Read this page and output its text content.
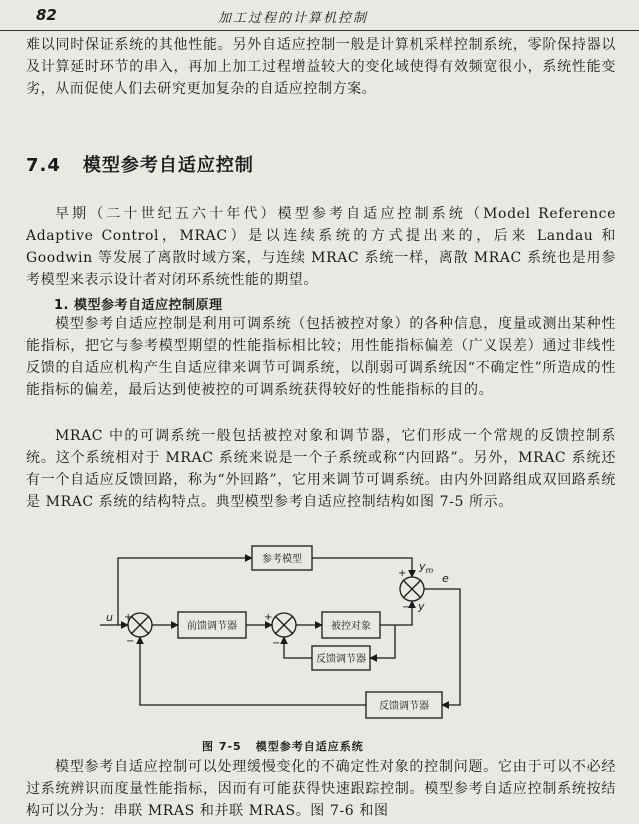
82	加工过程的计算机控制

难以同时保证系统的其他性能。另外自适应控制一般是计算机采样控制系统，零阶保持器以及计算延时环节的串入，再加上加工过程增益较大的变化域使得有效频宽很小，系统性能变劣，从而促使人们去研究更加复杂的自适应控制方案。

7.4 模型参考自适应控制

早期（二十世纪五六十年代）模型参考自适应控制系统（Model Reference Adaptive Control，MRAC）是以连续系统的方式提出来的，后来 Landau 和 Goodwin 等发展了离散时域方案，与连续 MRAC 系统一样，离散 MRAC 系统也是用参考模型来表示设计者对闭环系统性能的期望。

1. 模型参考自适应控制原理

模型参考自适应控制是利用可调系统（包括被控对象）的各种信息，度量或测出某种性能指标，把它与参考模型期望的性能指标相比较；用性能指标偏差（广义误差）通过非线性反馈的自适应机构产生自适应律来调节可调系统，以削弱可调系统因“不确定性”所造成的性能指标的偏差，最后达到使被控的可调系统获得较好的性能指标的目的。

MRAC 中的可调系统一般包括被控对象和调节器，它们形成一个常规的反馈控制系统。这个系统相对于 MRAC 系统来说是一个子系统或称“内回路”。另外，MRAC 系统还有一个自适应反馈回路，称为“外回路”，它用来调节可调系统。由内外回路组成双回路系统是 MRAC 系统的结构特点。典型模型参考自适应控制结构如图 7-5 所示。

参考模型
前馈调节器	被控对象
反馈调节器
反馈调节器
u
$y_m$
y
e
+
−
+
−
+
−
图 7-5 模型参考自适应系统

模型参考自适应控制可以处理缓慢变化的不确定性对象的控制问题。它由于可以不必经过系统辨识而度量性能指标，因而有可能获得快速跟踪控制。模型参考自适应控制系统按结构可以分为：串联 MRAS 和并联 MRAS。图 7-6 和图
